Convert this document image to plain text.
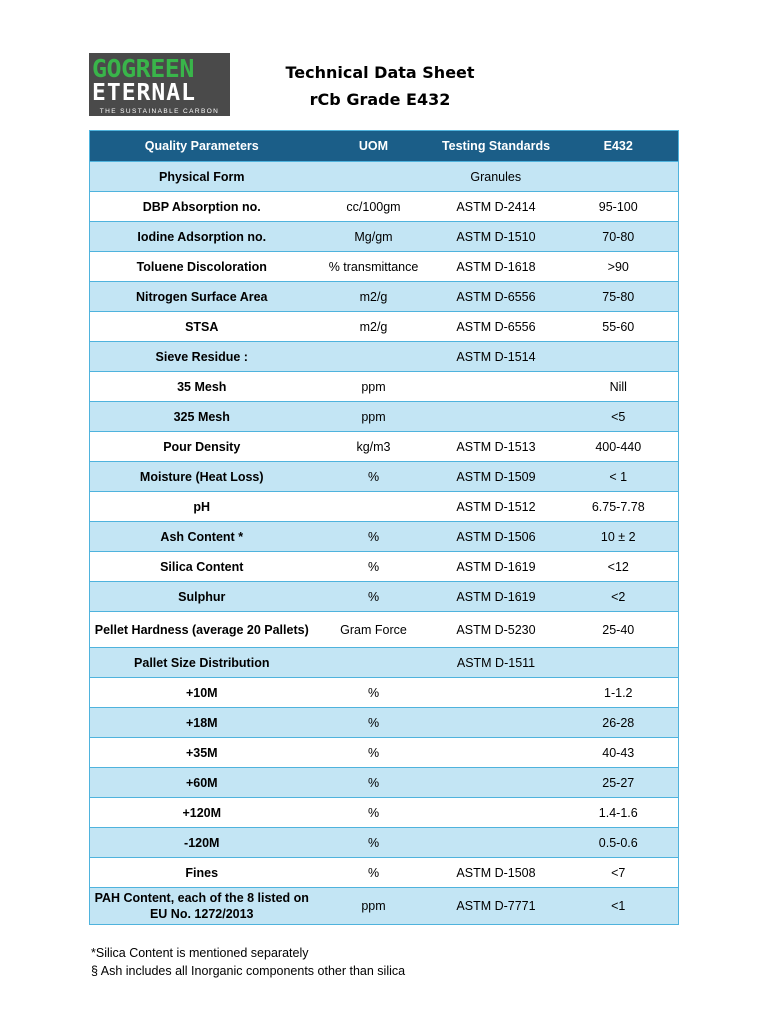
GOGREEN
ETERNAL
THE SUSTAINABLE CARBON
Technical Data Sheet
rCb Grade E432
Quality Parameters	UOM	Testing Standards	E432
Physical Form	Granules		
DBP Absorption no.	cc/100gm	ASTM D-2414	95-100
Iodine Adsorption no.	Mg/gm	ASTM D-1510	70-80
Toluene Discoloration	% transmittance	ASTM D-1618	>90
Nitrogen Surface Area	m2/g	ASTM D-6556	75-80
STSA	m2/g	ASTM D-6556	55-60
Sieve Residue :		ASTM D-1514	
35 Mesh	ppm		Nill
325 Mesh	ppm		<5
Pour Density	kg/m3	ASTM D-1513	400-440
Moisture (Heat Loss)	%	ASTM D-1509	< 1
pH		ASTM D-1512	6.75-7.78
Ash Content *	%	ASTM D-1506	10 ± 2
Silica Content	%	ASTM D-1619	<12
Sulphur	%	ASTM D-1619	<2
Pellet Hardness (average 20 Pallets)	Gram Force	ASTM D-5230	25-40
Pallet Size Distribution		ASTM D-1511	
+10M	%		1-1.2
+18M	%		26-28
+35M	%		40-43
+60M	%		25-27
+120M	%		1.4-1.6
-120M	%		0.5-0.6
Fines	%	ASTM D-1508	<7
PAH Content, each of the 8 listed on EU No. 1272/2013	ppm	ASTM D-7771	<1
*Silica Content is mentioned separately
§ Ash includes all Inorganic components other than silica
